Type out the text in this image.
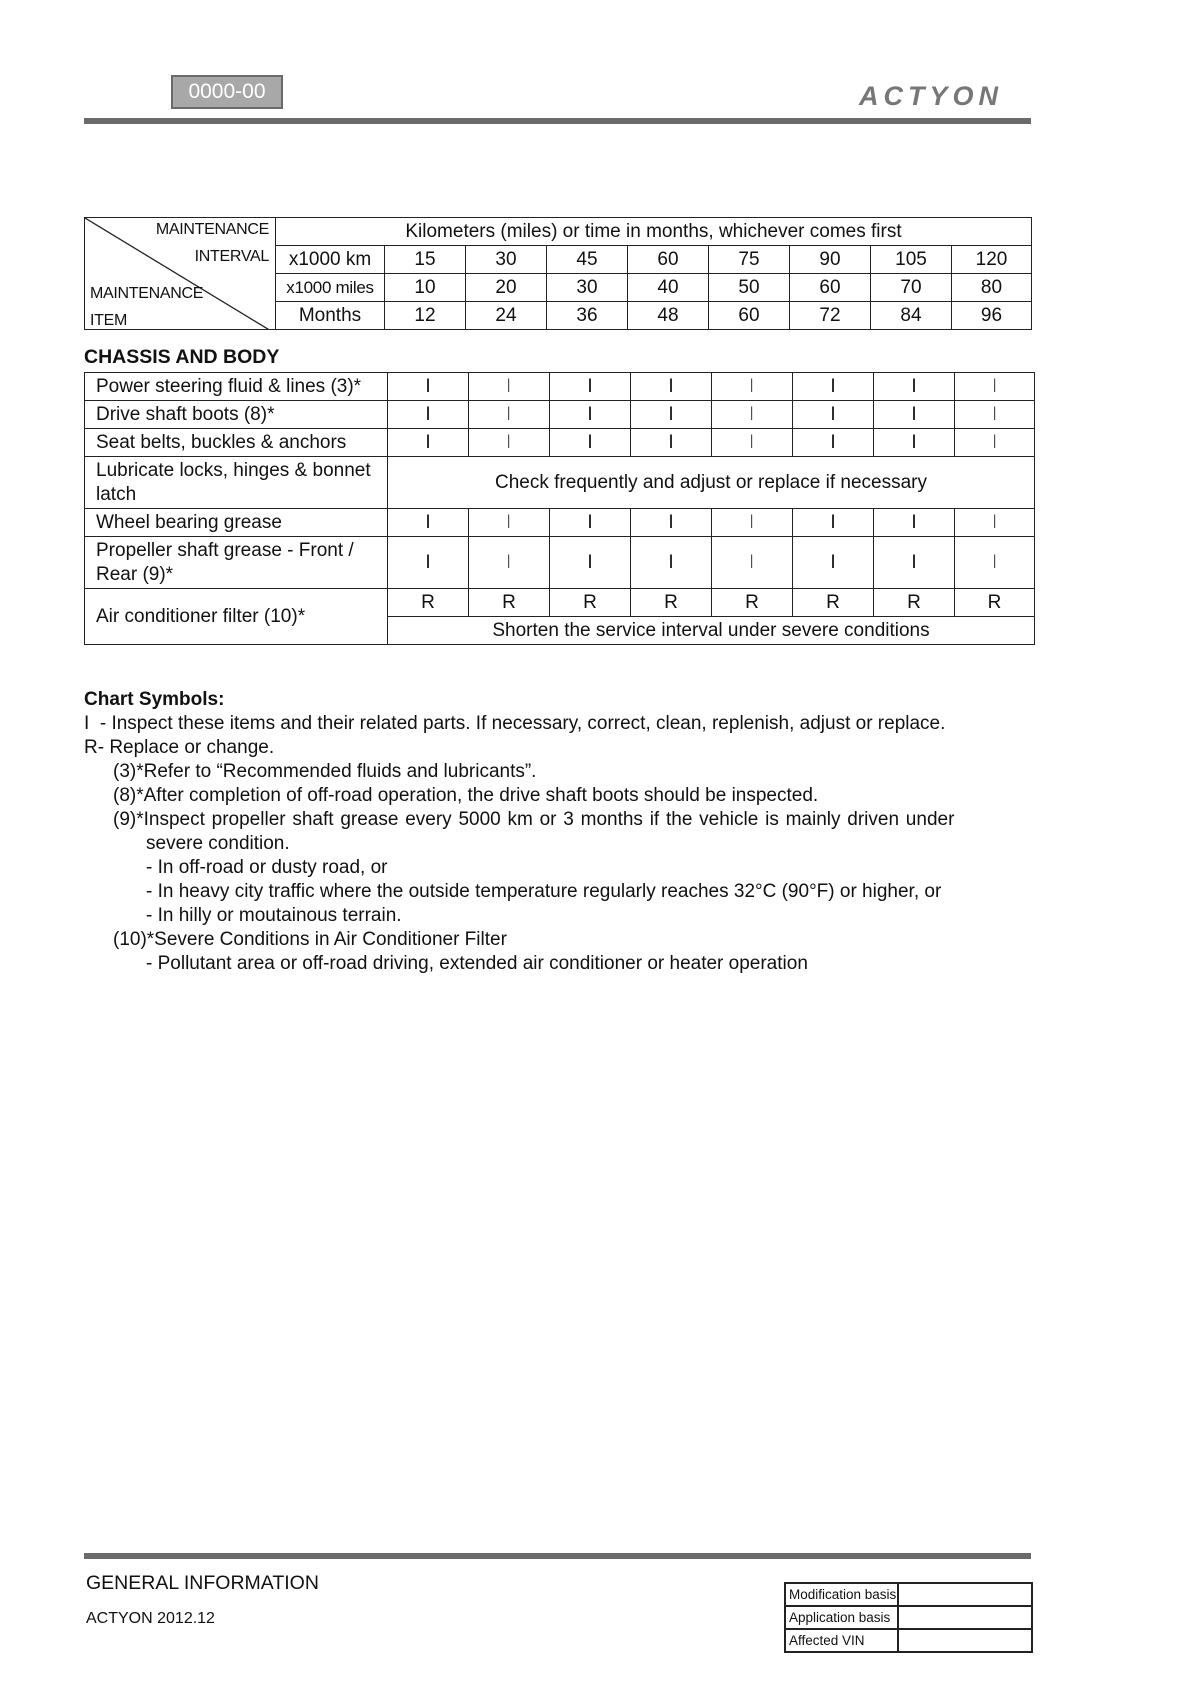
0000-00	ACTYON
MAINTENANCE
INTERVAL
MAINTENANCE
ITEM	Kilometers (miles) or time in months, whichever comes first								
	x1000 km	15	30	45	60	75	90	105	120
	x1000 miles	10	20	30	40	50	60	70	80
	Months	12	24	36	48	60	72	84	96
CHASSIS AND BODY
Power steering fluid & lines (3)*	I	I	I	I	I	I	I	I
Drive shaft boots (8)*	I	I	I	I	I	I	I	I
Seat belts, buckles & anchors	I	I	I	I	I	I	I	I
Lubricate locks, hinges & bonnet latch	Check frequently and adjust or replace if necessary							
Wheel bearing grease	I	I	I	I	I	I	I	I
Propeller shaft grease - Front / Rear (9)*	I	I	I	I	I	I	I	I
Air conditioner filter (10)*	R	R	R	R	R	R	R	R
	Shorten the service interval under severe conditions							
Chart Symbols:
I  - Inspect these items and their related parts. If necessary, correct, clean, replenish, adjust or replace.
R- Replace or change.
(3)*Refer to “Recommended fluids and lubricants”.
(8)*After completion of off-road operation, the drive shaft boots should be inspected.
(9)*Inspect propeller shaft grease every 5000 km or 3 months if the vehicle is mainly driven under
severe condition.
- In off-road or dusty road, or
- In heavy city traffic where the outside temperature regularly reaches 32°C (90°F) or higher, or
- In hilly or moutainous terrain.
(10)*Severe Conditions in Air Conditioner Filter
- Pollutant area or off-road driving, extended air conditioner or heater operation
GENERAL INFORMATION
ACTYON 2012.12
Modification basis	
Application basis	
Affected VIN	
